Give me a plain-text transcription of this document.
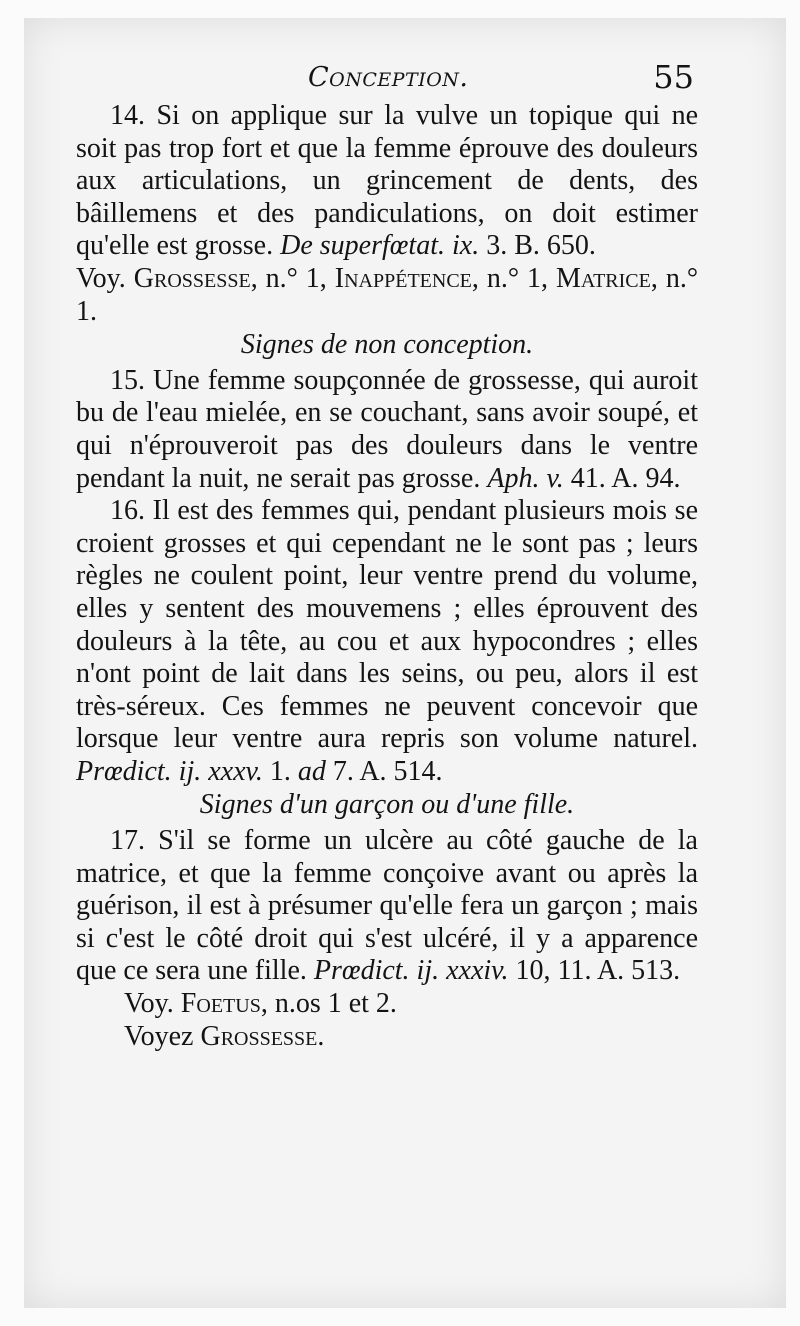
Conception.	55

14. Si on applique sur la vulve un topique qui ne soit pas trop fort et que la femme éprouve des douleurs aux articulations, un grincement de dents, des bâillemens et des pandiculations, on doit estimer qu'elle est grosse. De superfœtat. ix. 3. B. 650.

Voy. Grossesse, n.° 1, Inappétence, n.° 1, Matrice, n.° 1.

Signes de non conception.

15. Une femme soupçonnée de grossesse, qui auroit bu de l'eau mielée, en se couchant, sans avoir soupé, et qui n'éprouveroit pas des douleurs dans le ventre pendant la nuit, ne serait pas grosse. Aph. v. 41. A. 94.

16. Il est des femmes qui, pendant plusieurs mois se croient grosses et qui cependant ne le sont pas ; leurs règles ne coulent point, leur ventre prend du volume, elles y sentent des mouvemens ; elles éprouvent des douleurs à la tête, au cou et aux hypocondres ; elles n'ont point de lait dans les seins, ou peu, alors il est très-séreux. Ces femmes ne peuvent concevoir que lorsque leur ventre aura repris son volume naturel. Prœdict. ij. xxxv. 1. ad 7. A. 514.

Signes d'un garçon ou d'une fille.

17. S'il se forme un ulcère au côté gauche de la matrice, et que la femme conçoive avant ou après la guérison, il est à présumer qu'elle fera un garçon ; mais si c'est le côté droit qui s'est ulcéré, il y a apparence que ce sera une fille. Prœdict. ij. xxxiv. 10, 11. A. 513.

Voy. Foetus, n.os 1 et 2.

Voyez Grossesse.
